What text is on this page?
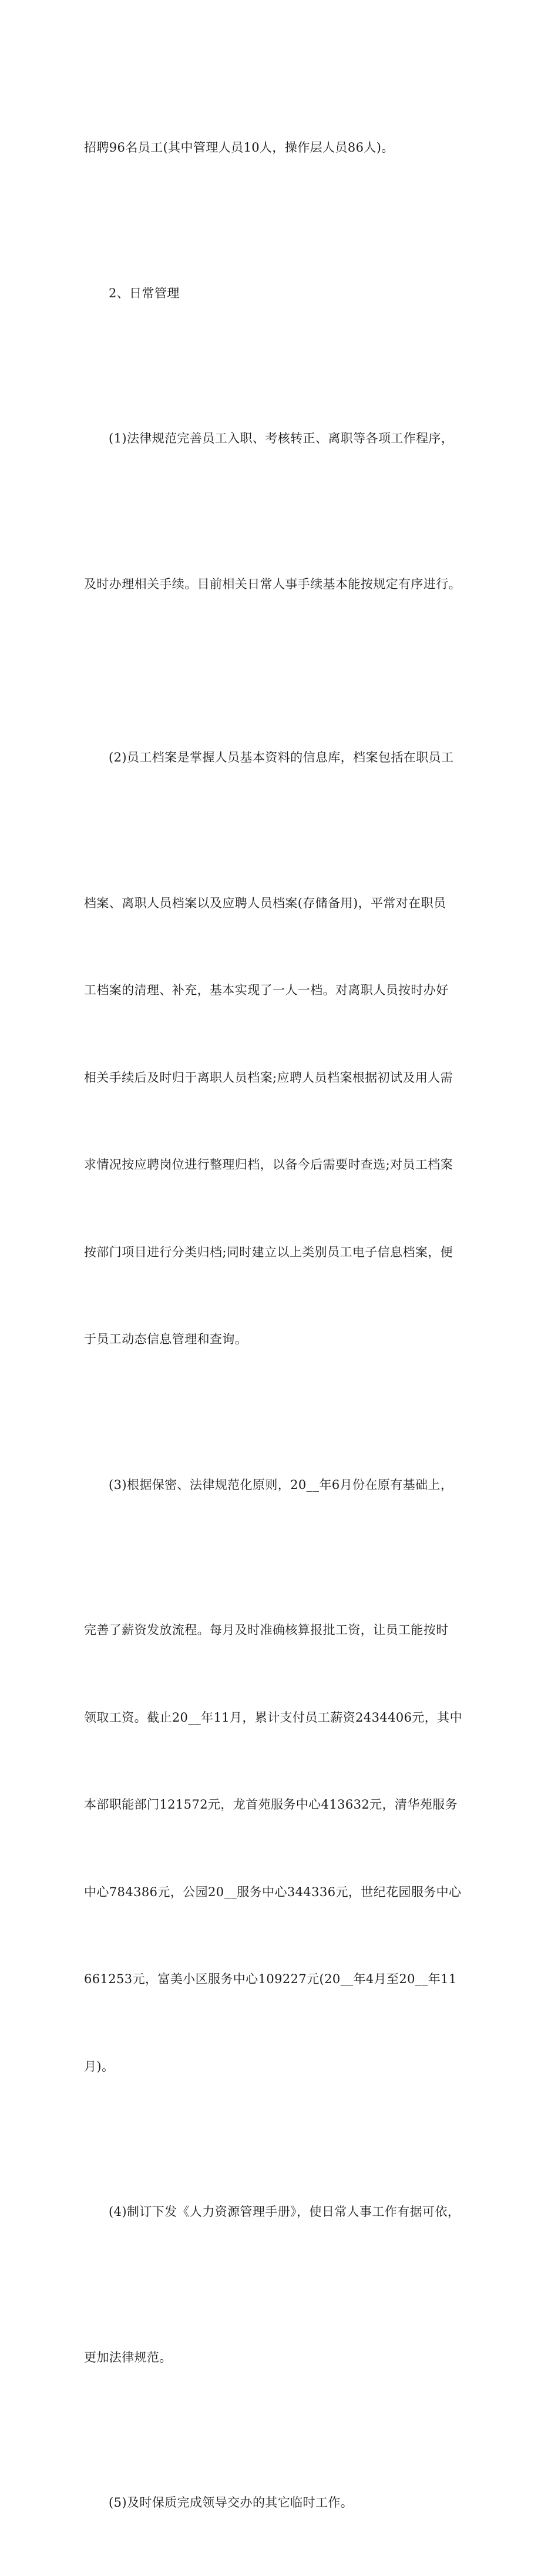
招聘96名员工(其中管理人员10人，操作层人员86人)。

2、日常管理

(1)法律规范完善员工入职、考核转正、离职等各项工作程序，

及时办理相关手续。目前相关日常人事手续基本能按规定有序进行。

(2)员工档案是掌握人员基本资料的信息库，档案包括在职员工

档案、离职人员档案以及应聘人员档案(存储备用)，平常对在职员

工档案的清理、补充，基本实现了一人一档。对离职人员按时办好

相关手续后及时归于离职人员档案;应聘人员档案根据初试及用人需

求情况按应聘岗位进行整理归档，以备今后需要时查选;对员工档案

按部门项目进行分类归档;同时建立以上类别员工电子信息档案，便

于员工动态信息管理和查询。

(3)根据保密、法律规范化原则，20__年6月份在原有基础上，

完善了薪资发放流程。每月及时准确核算报批工资，让员工能按时

领取工资。截止20__年11月，累计支付员工薪资2434406元，其中

本部职能部门121572元，龙首苑服务中心413632元，清华苑服务

中心784386元，公园20__服务中心344336元，世纪花园服务中心

661253元，富美小区服务中心109227元(20__年4月至20__年11

月)。

(4)制订下发《人力资源管理手册》，使日常人事工作有据可依，

更加法律规范。

(5)及时保质完成领导交办的其它临时工作。
